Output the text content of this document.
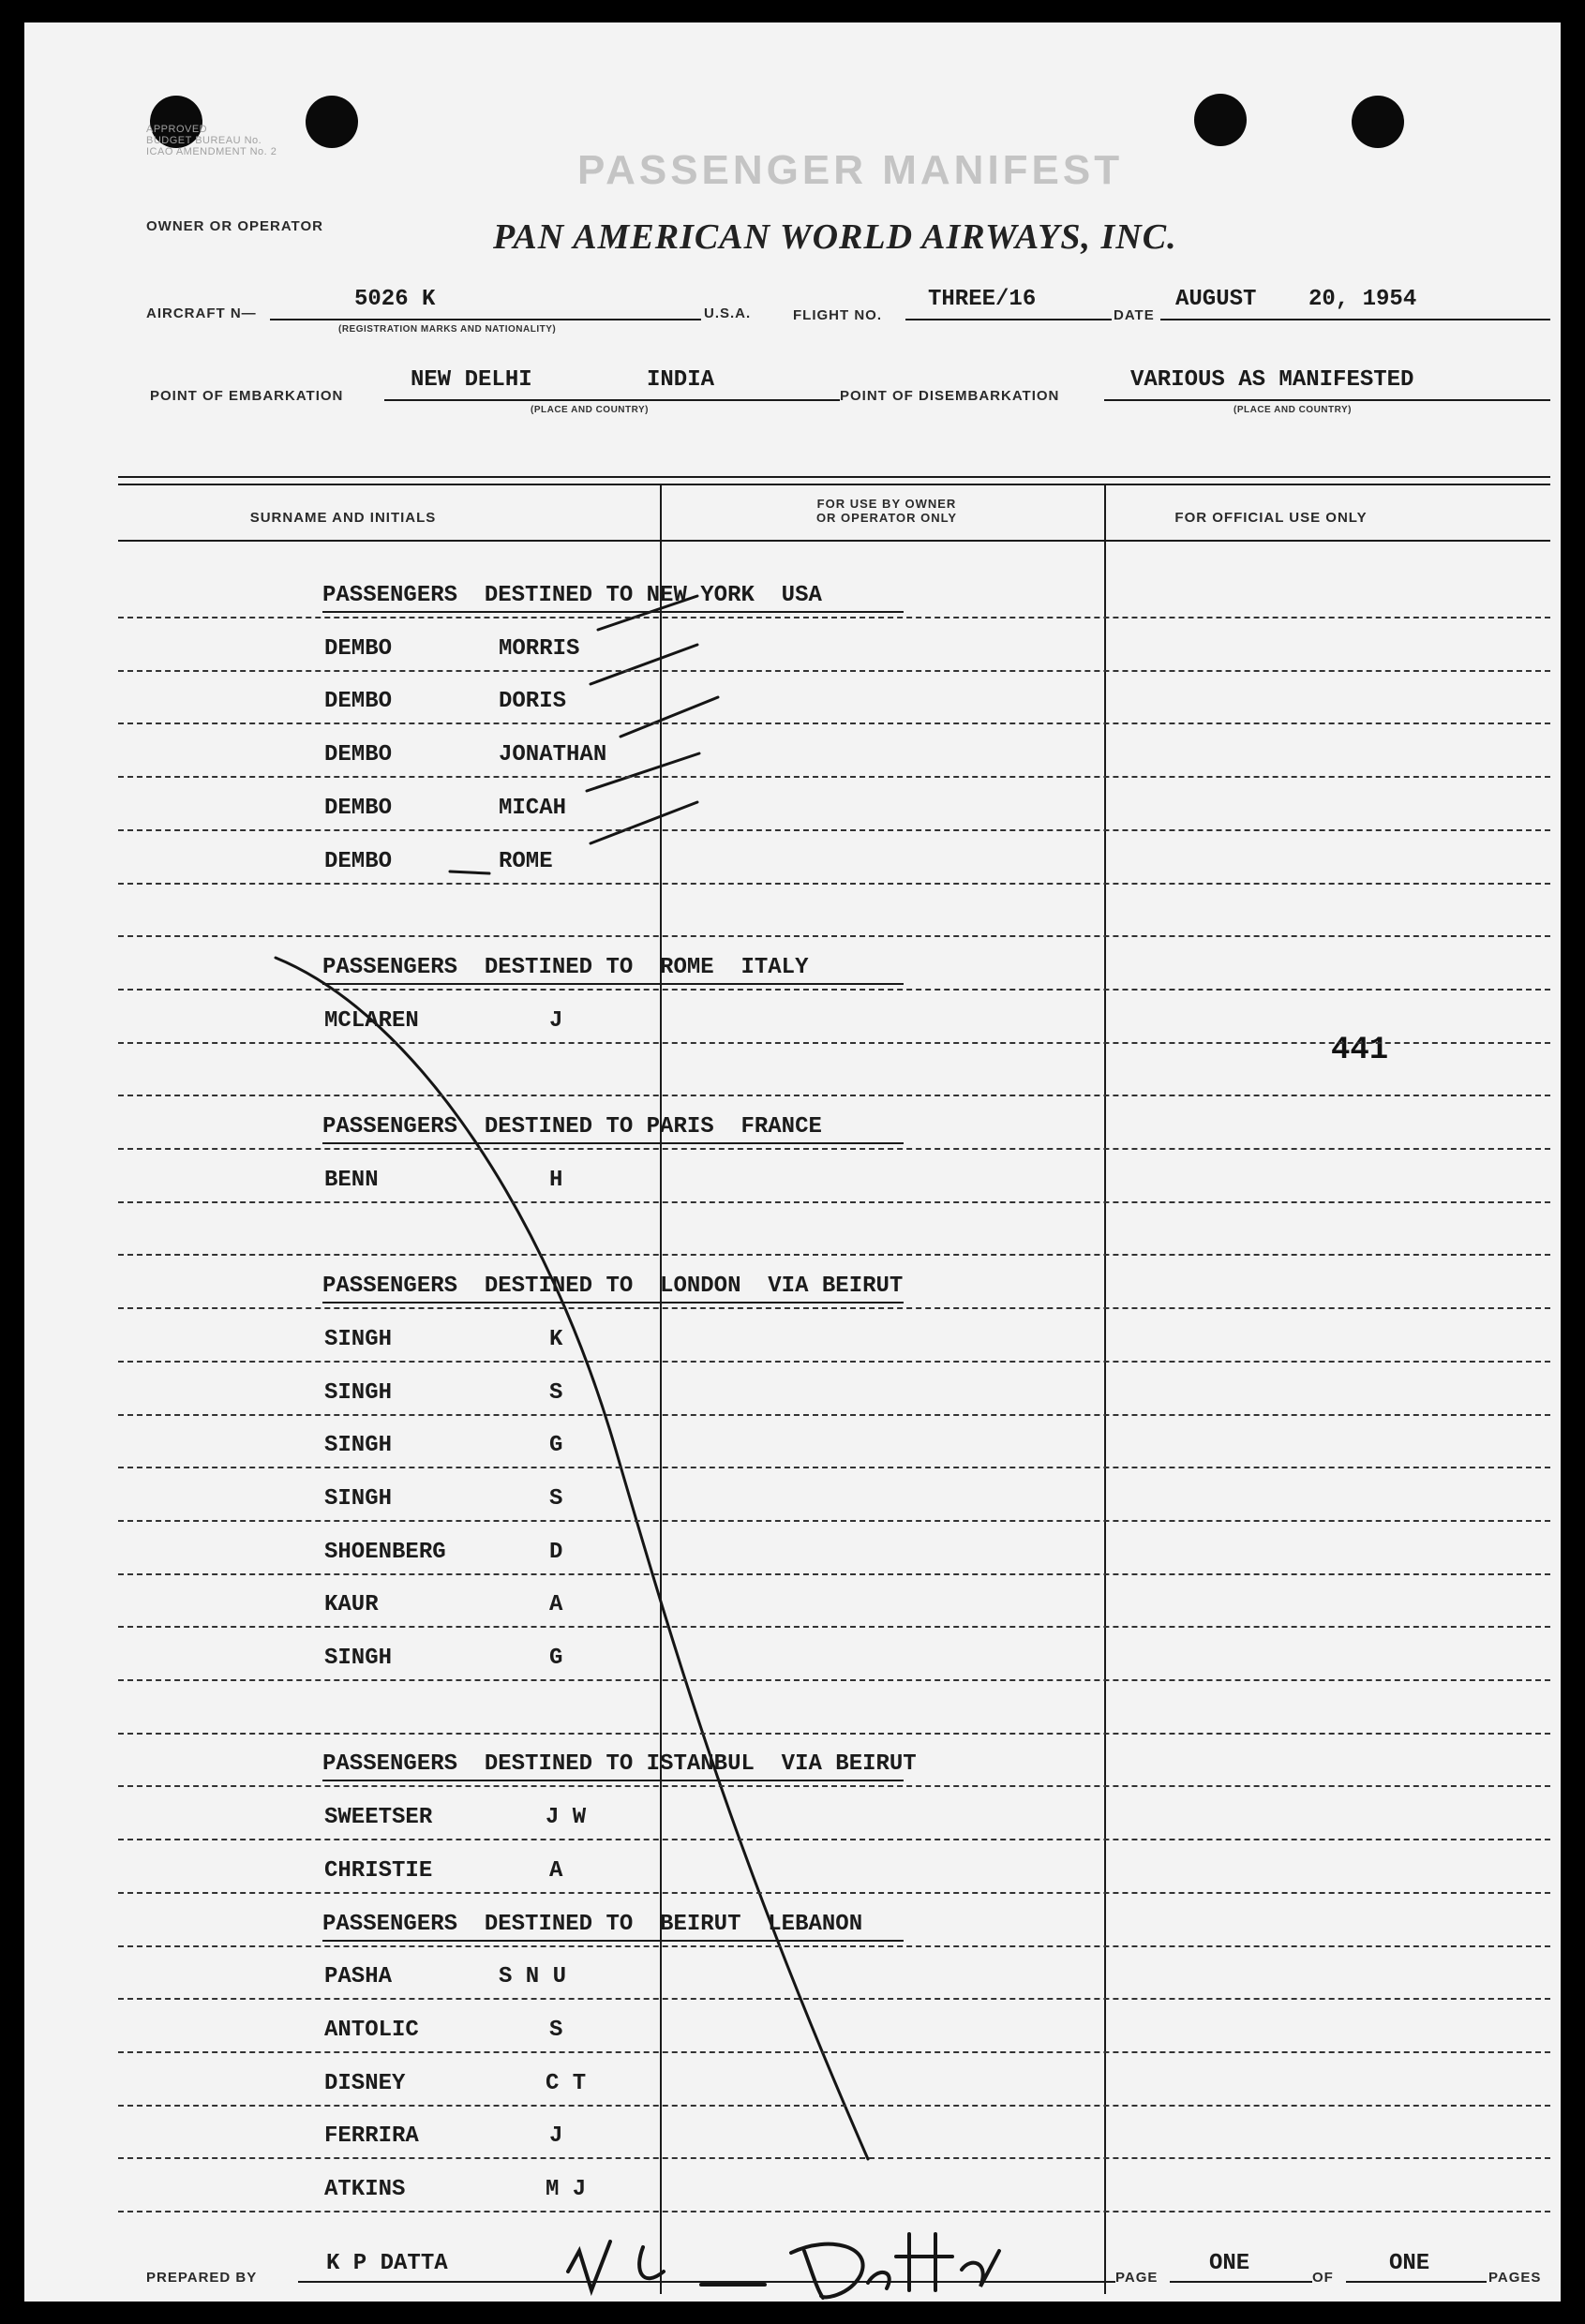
APPROVED
BUDGET BUREAU No.
ICAO AMENDMENT No. 2	PASSENGER MANIFEST
OWNER OR OPERATOR	PAN AMERICAN WORLD AIRWAYS, INC.
AIRCRAFT N—
5026 K
(REGISTRATION MARKS AND NATIONALITY)
U.S.A.	FLIGHT NO.
THREE/16
DATE
AUGUST 20, 1954
POINT OF EMBARKATION
NEW DELHI	INDIA
(PLACE AND COUNTRY)
POINT OF DISEMBARKATION
VARIOUS AS MANIFESTED
(PLACE AND COUNTRY)
SURNAME AND INITIALS
FOR USE BY OWNER
OR OPERATOR ONLY	FOR OFFICIAL USE ONLY
441
PREPARED BY
K P DATTA
PAGE
ONE
OF
ONE
PAGES
PASSENGERS  DESTINED TO NEW YORK  USA
DEMBO	MORRIS
DEMBO	DORIS
DEMBO	JONATHAN
DEMBO	MICAH
DEMBO	ROME
PASSENGERS  DESTINED TO  ROME  ITALY
MCLAREN	J
PASSENGERS  DESTINED TO PARIS  FRANCE
BENN	H
PASSENGERS  DESTINED TO  LONDON  VIA BEIRUT
SINGH	K
SINGH	S
SINGH	G
SINGH	S
SHOENBERG	D
KAUR	A
SINGH	G
PASSENGERS  DESTINED TO ISTANBUL  VIA BEIRUT
SWEETSER	J W
CHRISTIE	A
PASSENGERS  DESTINED TO  BEIRUT  LEBANON
PASHA	S N U
ANTOLIC	S
DISNEY	C T
FERRIRA	J
ATKINS	M J
